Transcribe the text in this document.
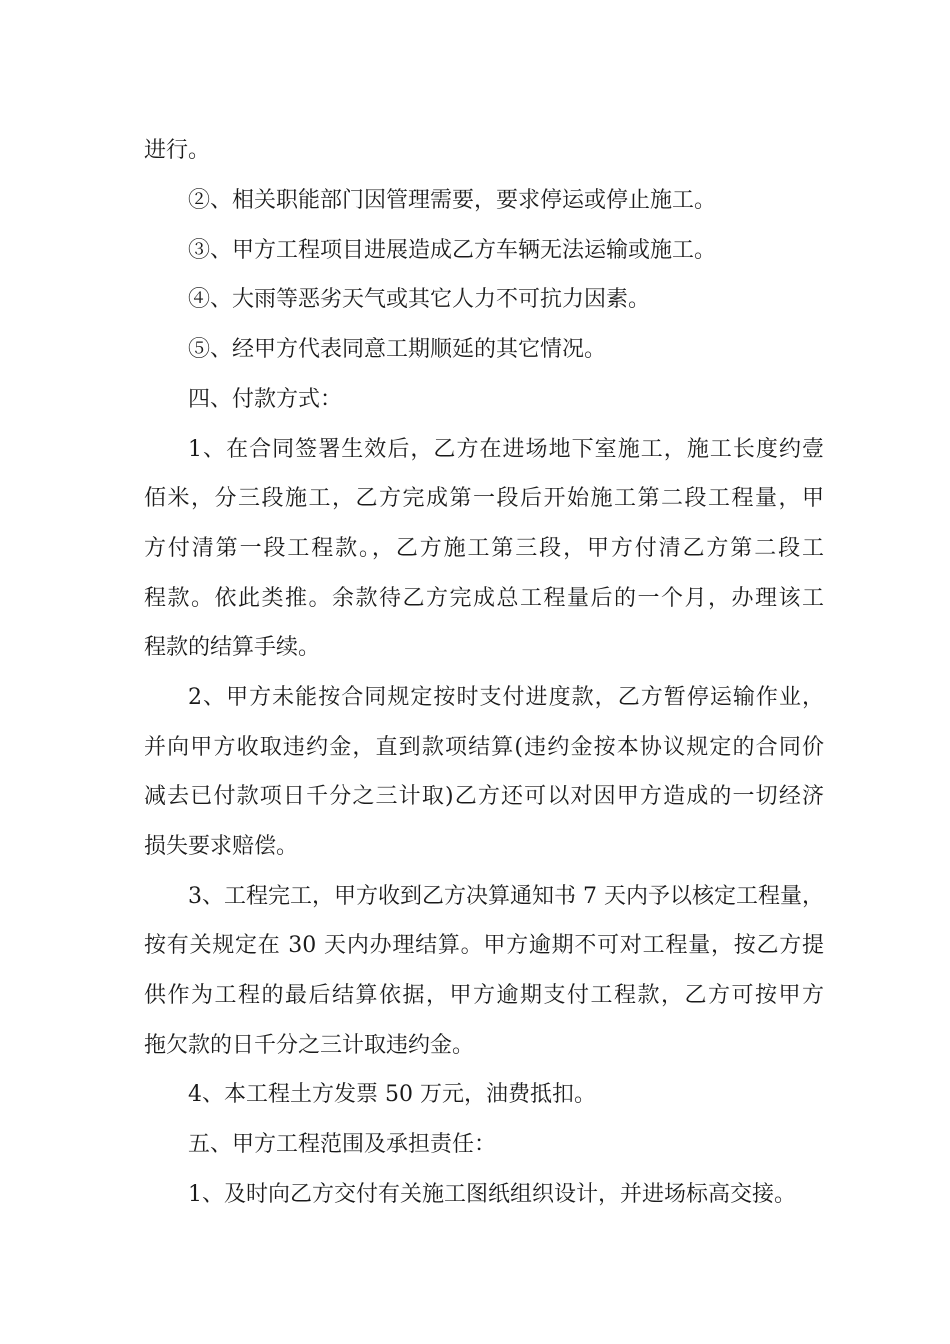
进行。
②、相关职能部门因管理需要，要求停运或停止施工。
③、甲方工程项目进展造成乙方车辆无法运输或施工。
④、大雨等恶劣天气或其它人力不可抗力因素。
⑤、经甲方代表同意工期顺延的其它情况。
四、付款方式：
1、在合同签署生效后，乙方在进场地下室施工，施工长度约壹
佰米，分三段施工，乙方完成第一段后开始施工第二段工程量，甲
方付清第一段工程款。，乙方施工第三段，甲方付清乙方第二段工
程款。依此类推。余款待乙方完成总工程量后的一个月，办理该工
程款的结算手续。
2、甲方未能按合同规定按时支付进度款，乙方暂停运输作业，
并向甲方收取违约金，直到款项结算(违约金按本协议规定的合同价
减去已付款项日千分之三计取)乙方还可以对因甲方造成的一切经济
损失要求赔偿。
3、工程完工，甲方收到乙方决算通知书 7 天内予以核定工程量，
按有关规定在 30 天内办理结算。甲方逾期不可对工程量，按乙方提
供作为工程的最后结算依据，甲方逾期支付工程款，乙方可按甲方
拖欠款的日千分之三计取违约金。
4、本工程土方发票 50 万元，油费抵扣。
五、甲方工程范围及承担责任：
1、及时向乙方交付有关施工图纸组织设计，并进场标高交接。
